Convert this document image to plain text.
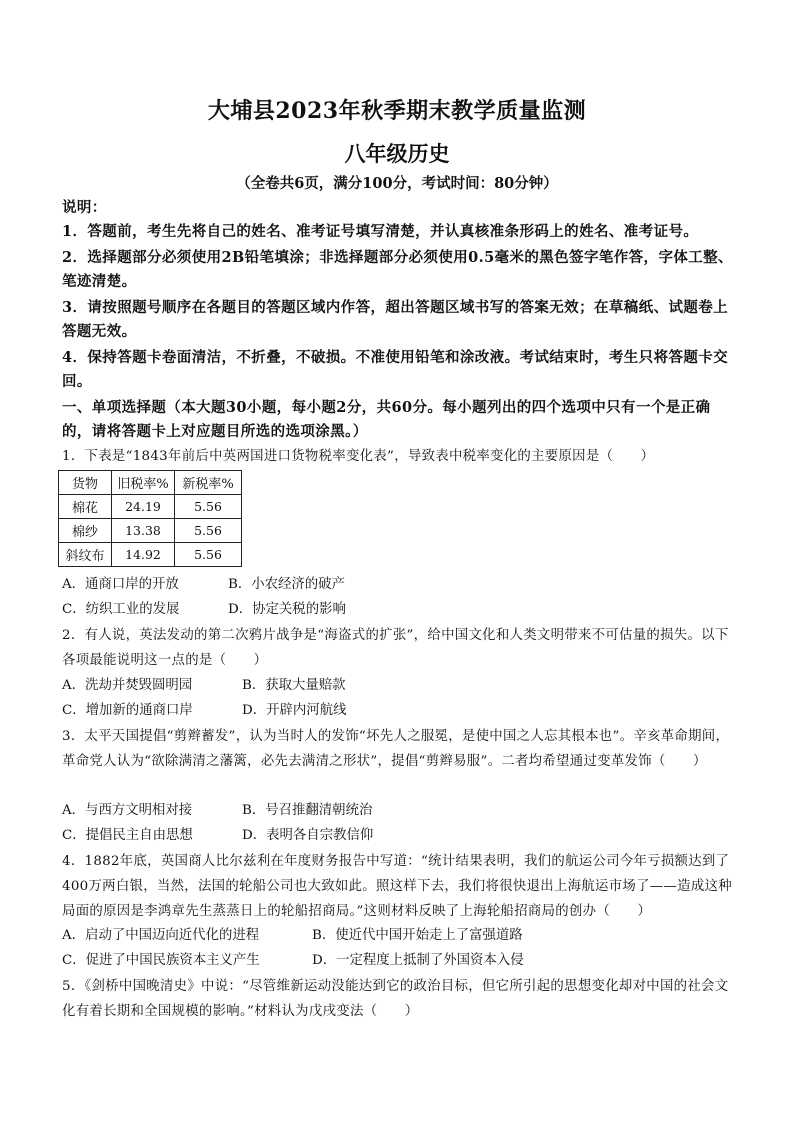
大埔县2023年秋季期末教学质量监测
八年级历史
（全卷共6页，满分100分，考试时间：80分钟）
说明：
1．答题前，考生先将自己的姓名、准考证号填写清楚，并认真核准条形码上的姓名、准考证号。
2．选择题部分必须使用2B铅笔填涂；非选择题部分必须使用0.5毫米的黑色签字笔作答，字体工整、笔迹清楚。
3．请按照题号顺序在各题目的答题区域内作答，超出答题区域书写的答案无效；在草稿纸、试题卷上答题无效。
4．保持答题卡卷面清洁，不折叠，不破损。不准使用铅笔和涂改液。考试结束时，考生只将答题卡交回。
一、单项选择题（本大题30小题，每小题2分，共60分。每小题列出的四个选项中只有一个是正确的，请将答题卡上对应题目所选的选项涂黑。）
1．下表是“1843年前后中英两国进口货物税率变化表”，导致表中税率变化的主要原因是（　　）
货物	旧税率%	新税率%
棉花	24.19	5.56
棉纱	13.38	5.56
斜纹布	14.92	5.56
A．通商口岸的开放	B．小农经济的破产
C．纺织工业的发展	D．协定关税的影响
2．有人说，英法发动的第二次鸦片战争是“海盗式的扩张”，给中国文化和人类文明带来不可估量的损失。以下各项最能说明这一点的是（　　）
A．洗劫并焚毁圆明园	B．获取大量赔款
C．增加新的通商口岸	D．开辟内河航线
3．太平天国提倡“剪辫蓄发”，认为当时人的发饰“坏先人之服冕，是使中国之人忘其根本也”。辛亥革命期间，革命党人认为“欲除满清之藩篱，必先去满清之形状”，提倡“剪辫易服”。二者均希望通过变革发饰（　　）
A．与西方文明相对接	B．号召推翻清朝统治
C．提倡民主自由思想	D．表明各自宗教信仰
4．1882年底，英国商人比尔兹利在年度财务报告中写道：“统计结果表明，我们的航运公司今年亏损额达到了400万两白银，当然，法国的轮船公司也大致如此。照这样下去，我们将很快退出上海航运市场了——造成这种局面的原因是李鸿章先生蒸蒸日上的轮船招商局。”这则材料反映了上海轮船招商局的创办（　　）
A．启动了中国迈向近代化的进程	B．使近代中国开始走上了富强道路
C．促进了中国民族资本主义产生	D．一定程度上抵制了外国资本入侵
5．《剑桥中国晚清史》中说：“尽管维新运动没能达到它的政治目标，但它所引起的思想变化却对中国的社会文化有着长期和全国规模的影响。”材料认为戊戌变法（　　）
